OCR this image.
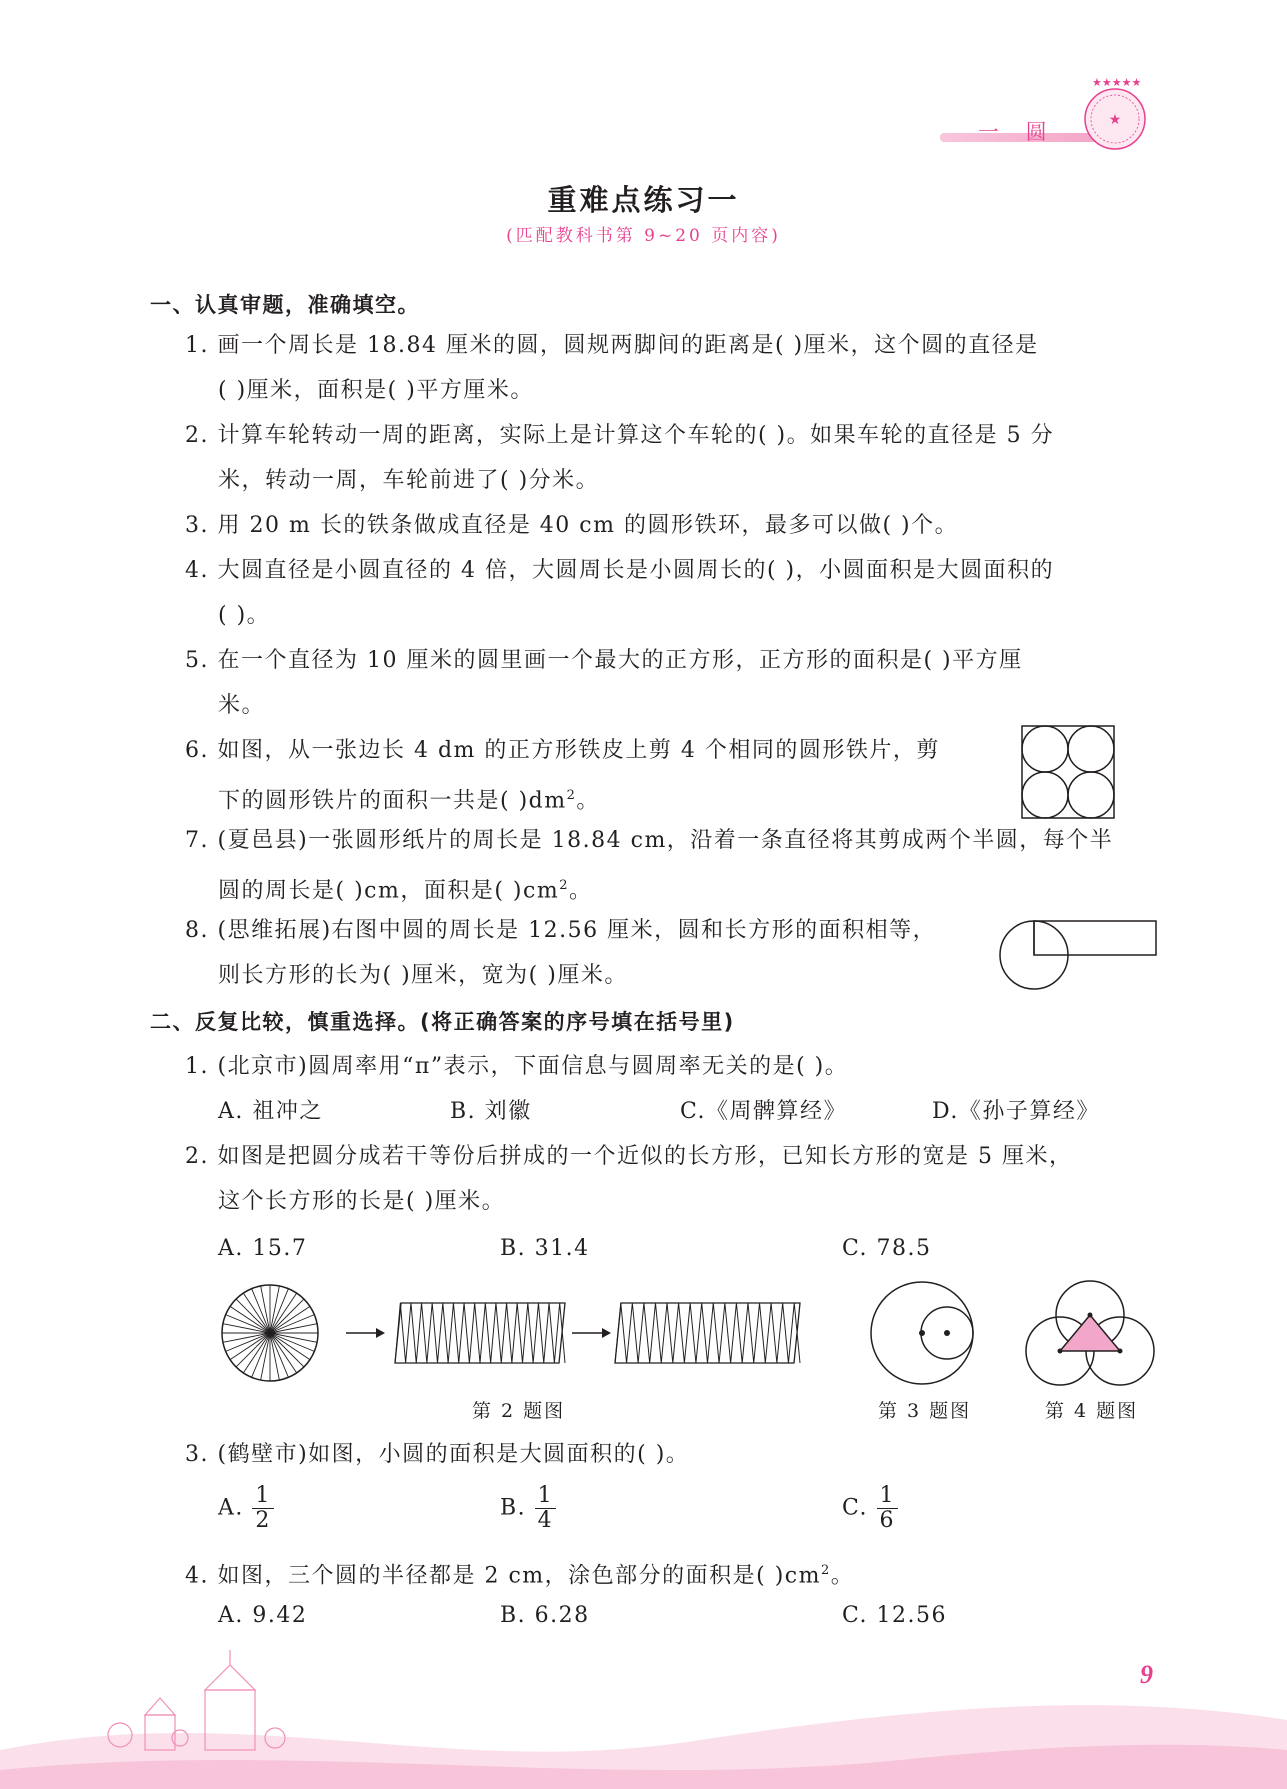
一 圆	★
★★★★★
重难点练习一
(匹配教科书第 9~20 页内容)
一、认真审题，准确填空。
1. 画一个周长是 18.84 厘米的圆，圆规两脚间的距离是( )厘米，这个圆的直径是
( )厘米，面积是( )平方厘米。
2. 计算车轮转动一周的距离，实际上是计算这个车轮的( )。如果车轮的直径是 5 分
米，转动一周，车轮前进了( )分米。
3. 用 20 m 长的铁条做成直径是 40 cm 的圆形铁环，最多可以做( )个。
4. 大圆直径是小圆直径的 4 倍，大圆周长是小圆周长的( )，小圆面积是大圆面积的
( )。
5. 在一个直径为 10 厘米的圆里画一个最大的正方形，正方形的面积是( )平方厘
米。
6. 如图，从一张边长 4 dm 的正方形铁皮上剪 4 个相同的圆形铁片，剪
下的圆形铁片的面积一共是( )$dm^2$。
7. (夏邑县)一张圆形纸片的周长是 18.84 cm，沿着一条直径将其剪成两个半圆，每个半
圆的周长是( )cm，面积是( )$cm^2$。
8. (思维拓展)右图中圆的周长是 12.56 厘米，圆和长方形的面积相等，
则长方形的长为( )厘米，宽为( )厘米。
二、反复比较，慎重选择。(将正确答案的序号填在括号里)
1. (北京市)圆周率用“π”表示，下面信息与圆周率无关的是( )。
A. 祖冲之	B. 刘徽	C.《周髀算经》	D.《孙子算经》
2. 如图是把圆分成若干等份后拼成的一个近似的长方形，已知长方形的宽是 5 厘米，
这个长方形的长是( )厘米。
A. 15.7	B. 31.4	C. 78.5
第 2 题图	第 3 题图	第 4 题图
3. (鹤壁市)如图，小圆的面积是大圆面积的( )。
A. $\frac{1}{2}$	B. $\frac{1}{4}$	C. $\frac{1}{6}$
4. 如图，三个圆的半径都是 2 cm，涂色部分的面积是( )$cm^2$。
A. 9.42	B. 6.28	C. 12.56
9
